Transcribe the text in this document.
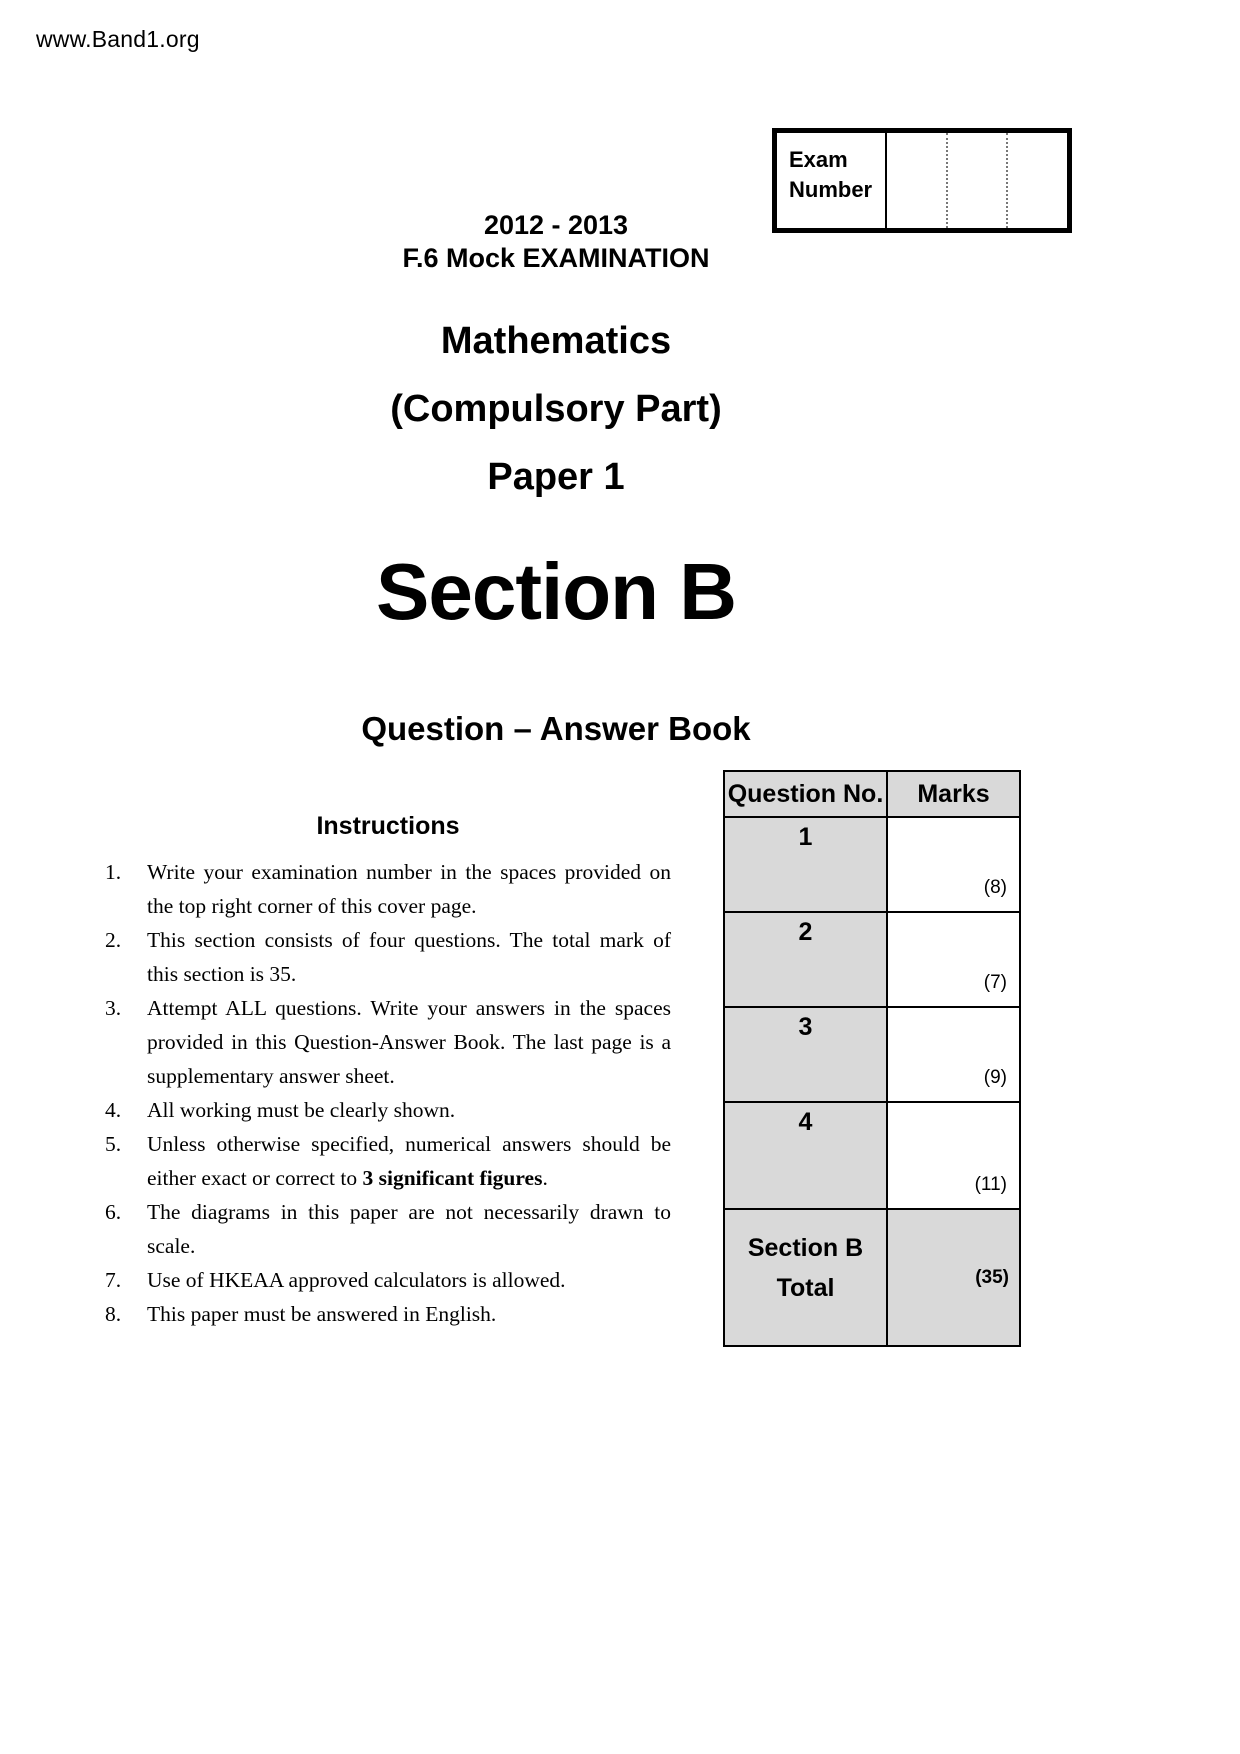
www.Band1.org
Exam
Number
2012 - 2013
F.6 Mock EXAMINATION
Mathematics
(Compulsory Part)
Paper 1
Section B
Question – Answer Book
Instructions
1.	Write your examination number in the spaces provided on the top right corner of this cover page.
2.	This section consists of four questions. The total mark of this section is 35.
3.	Attempt ALL questions. Write your answers in the spaces provided in this Question-Answer Book. The last page is a supplementary answer sheet.
4.	All working must be clearly shown.
5.	Unless otherwise specified, numerical answers should be either exact or correct to 3 significant figures.
6.	The diagrams in this paper are not necessarily drawn to scale.
7.	Use of HKEAA approved calculators is allowed.
8.	This paper must be answered in English.
Question No.	Marks
1	(8)
2	(7)
3	(9)
4	(11)

Section B
Total	(35)
